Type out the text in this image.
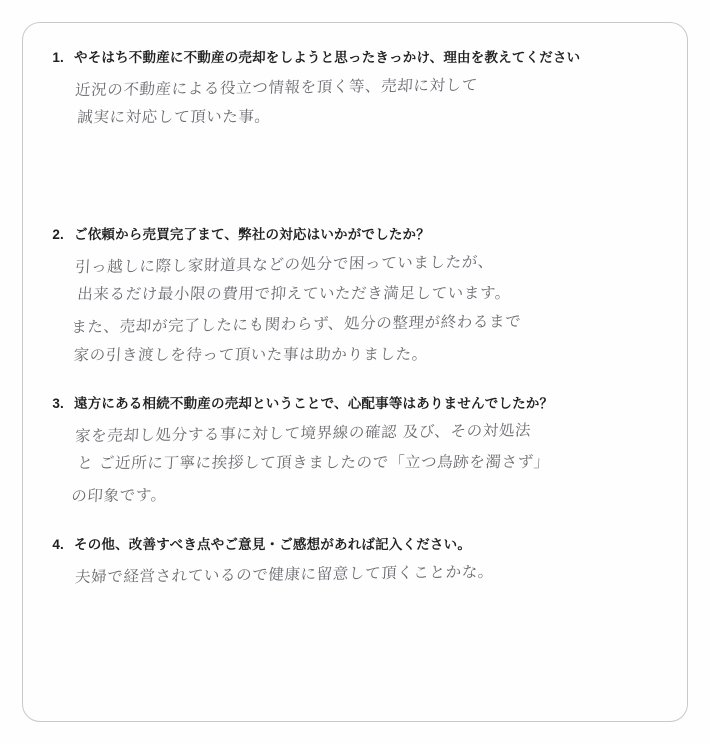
1. やそはち不動産に不動産の売却をしようと思ったきっかけ、理由を教えてください
近況の不動産による役立つ情報を頂く等、売却に対して
誠実に対応して頂いた事。
2. ご依頼から売買完了まて、弊社の対応はいかがでしたか？
引っ越しに際し家財道具などの処分で困っていましたが、
出来るだけ最小限の費用で抑えていただき満足しています。
また、売却が完了したにも関わらず、処分の整理が終わるまで
家の引き渡しを待って頂いた事は助かりました。
3. 遠方にある相続不動産の売却ということで、心配事等はありませんでしたか？
家を売却し処分する事に対して境界線の確認 及び、その対処法
と ご近所に丁寧に挨拶して頂きましたので「立つ鳥跡を濁さず」
の印象です。
4. その他、改善すべき点やご意見・ご感想があれば記入ください。
夫婦で経営されているので健康に留意して頂くことかな。
